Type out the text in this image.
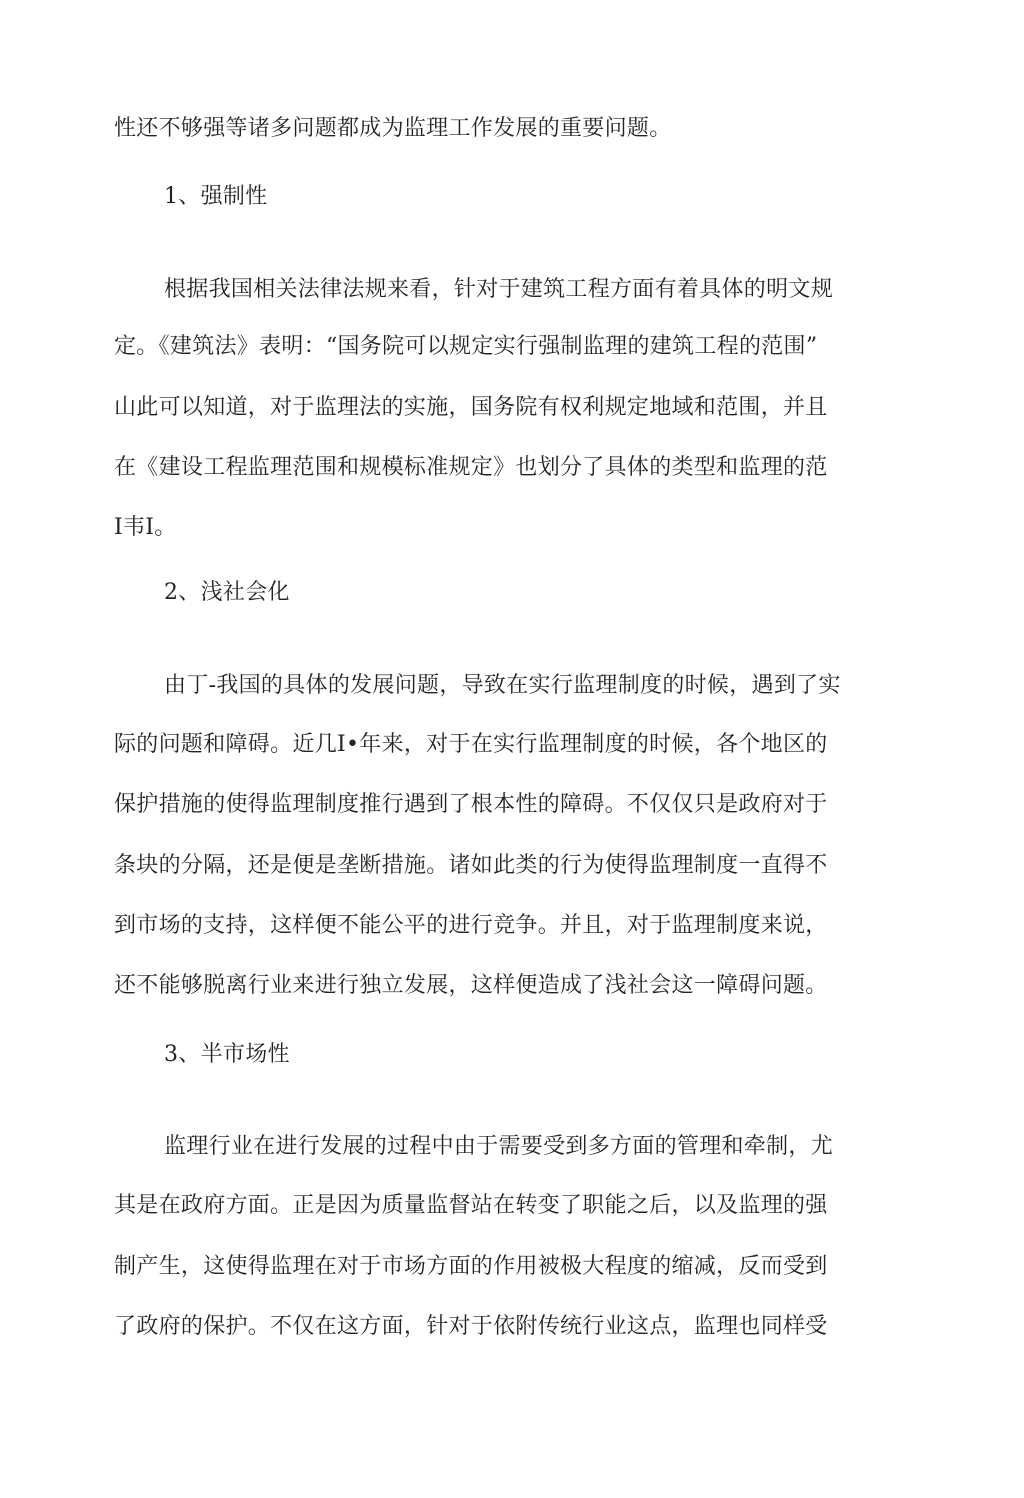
性还不够强等诸多问题都成为监理工作发展的重要问题。
1、强制性
根据我国相关法律法规来看，针对于建筑工程方面有着具体的明文规
定。《建筑法》表明：“国务院可以规定实行强制监理的建筑工程的范围”
山此可以知道，对于监理法的实施，国务院有权利规定地域和范围，并且
在《建设工程监理范围和规模标准规定》也划分了具体的类型和监理的范
I韦I。
2、浅社会化
由丁-我国的具体的发展问题，导致在实行监理制度的时候，遇到了实
际的问题和障碍。近几I•年来，对于在实行监理制度的时候，各个地区的
保护措施的使得监理制度推行遇到了根本性的障碍。不仅仅只是政府对于
条块的分隔，还是便是垄断措施。诸如此类的行为使得监理制度一直得不
到市场的支持，这样便不能公平的进行竞争。并且，对于监理制度来说，
还不能够脱离行业来进行独立发展，这样便造成了浅社会这一障碍问题。
3、半市场性
监理行业在进行发展的过程中由于需要受到多方面的管理和牵制，尤
其是在政府方面。正是因为质量监督站在转变了职能之后，以及监理的强
制产生，这使得监理在对于市场方面的作用被极大程度的缩减，反而受到
了政府的保护。不仅在这方面，针对于依附传统行业这点，监理也同样受
